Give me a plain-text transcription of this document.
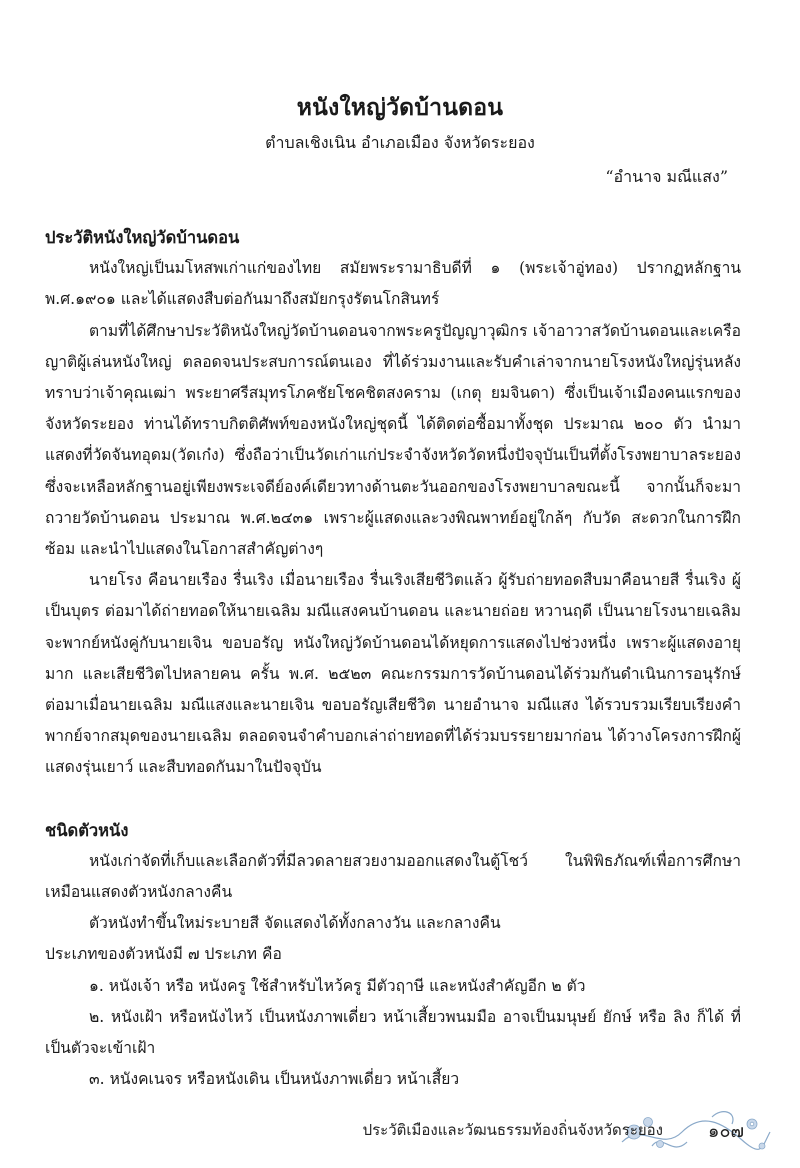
หนังใหญ่วัดบ้านดอน
ตำบลเชิงเนิน อำเภอเมือง จังหวัดระยอง
“อำนาจ มณีแสง”

ประวัติหนังใหญ่วัดบ้านดอน

หนังใหญ่เป็นมโหสพเก่าแก่ของไทย สมัยพระรามาธิบดีที่ ๑ (พระเจ้าอู่ทอง) ปรากฏหลักฐาน พ.ศ.๑๙๐๑ และได้แสดงสืบต่อกันมาถึงสมัยกรุงรัตนโกสินทร์

ตามที่ได้ศึกษาประวัติหนังใหญ่วัดบ้านดอนจากพระครูปัญญาวุฒิกร เจ้าอาวาสวัดบ้านดอนและเครือญาติผู้เล่นหนังใหญ่ ตลอดจนประสบการณ์ตนเอง ที่ได้ร่วมงานและรับคำเล่าจากนายโรงหนังใหญ่รุ่นหลัง ทราบว่าเจ้าคุณเฒ่า พระยาศรีสมุทรโภคชัยโชคชิตสงคราม (เกตุ ยมจินดา) ซึ่งเป็นเจ้าเมืองคนแรกของจังหวัดระยอง ท่านได้ทราบกิตติศัพท์ของหนังใหญ่ชุดนี้ ได้ติดต่อซื้อมาทั้งชุด ประมาณ ๒๐๐ ตัว นำมาแสดงที่วัดจันทอุดม(วัดเก๋ง) ซึ่งถือว่าเป็นวัดเก่าแก่ประจำจังหวัดวัดหนึ่งปัจจุบันเป็นที่ตั้งโรงพยาบาลระยอง ซึ่งจะเหลือหลักฐานอยู่เพียงพระเจดีย์องค์เดียวทางด้านตะวันออกของโรงพยาบาลขณะนี้ จากนั้นก็จะมาถวายวัดบ้านดอน ประมาณ พ.ศ.๒๔๓๑ เพราะผู้แสดงและวงพิณพาทย์อยู่ใกล้ๆ กับวัด สะดวกในการฝึกซ้อม และนำไปแสดงในโอกาสสำคัญต่างๆ

นายโรง คือนายเรือง รื่นเริง เมื่อนายเรือง รื่นเริงเสียชีวิตแล้ว ผู้รับถ่ายทอดสืบมาคือนายสี รื่นเริง ผู้เป็นบุตร ต่อมาได้ถ่ายทอดให้นายเฉลิม มณีแสงคนบ้านดอน และนายถ่อย หวานฤดี เป็นนายโรงนายเฉลิมจะพากย์หนังคู่กับนายเจิน ขอบอรัญ หนังใหญ่วัดบ้านดอนได้หยุดการแสดงไปช่วงหนึ่ง เพราะผู้แสดงอายุมาก และเสียชีวิตไปหลายคน ครั้น พ.ศ. ๒๕๒๓ คณะกรรมการวัดบ้านดอนได้ร่วมกันดำเนินการอนุรักษ์ ต่อมาเมื่อนายเฉลิม มณีแสงและนายเจิน ขอบอรัญเสียชีวิต นายอำนาจ มณีแสง ได้รวบรวมเรียบเรียงคำพากย์จากสมุดของนายเฉลิม ตลอดจนจำคำบอกเล่าถ่ายทอดที่ได้ร่วมบรรยายมาก่อน ได้วางโครงการฝึกผู้แสดงรุ่นเยาว์ และสืบทอดกันมาในปัจจุบัน

ชนิดตัวหนัง

หนังเก่าจัดที่เก็บและเลือกตัวที่มีลวดลายสวยงามออกแสดงในตู้โชว์ ในพิพิธภัณฑ์เพื่อการศึกษา เหมือนแสดงตัวหนังกลางคืน

ตัวหนังทำขึ้นใหม่ระบายสี จัดแสดงได้ทั้งกลางวัน และกลางคืน

ประเภทของตัวหนังมี ๗ ประเภท คือ

๑. หนังเจ้า หรือ หนังครู ใช้สำหรับไหว้ครู มีตัวฤาษี และหนังสำคัญอีก ๒ ตัว

๒. หนังเฝ้า หรือหนังไหว้ เป็นหนังภาพเดี่ยว หน้าเสี้ยวพนมมือ อาจเป็นมนุษย์ ยักษ์ หรือ ลิง ก็ได้ ที่เป็นตัวจะเข้าเฝ้า

๓. หนังคเนจร หรือหนังเดิน เป็นหนังภาพเดี่ยว หน้าเสี้ยว

ประวัติเมืองและวัฒนธรรมท้องถิ่นจังหวัดระยอง	๑๐๗
